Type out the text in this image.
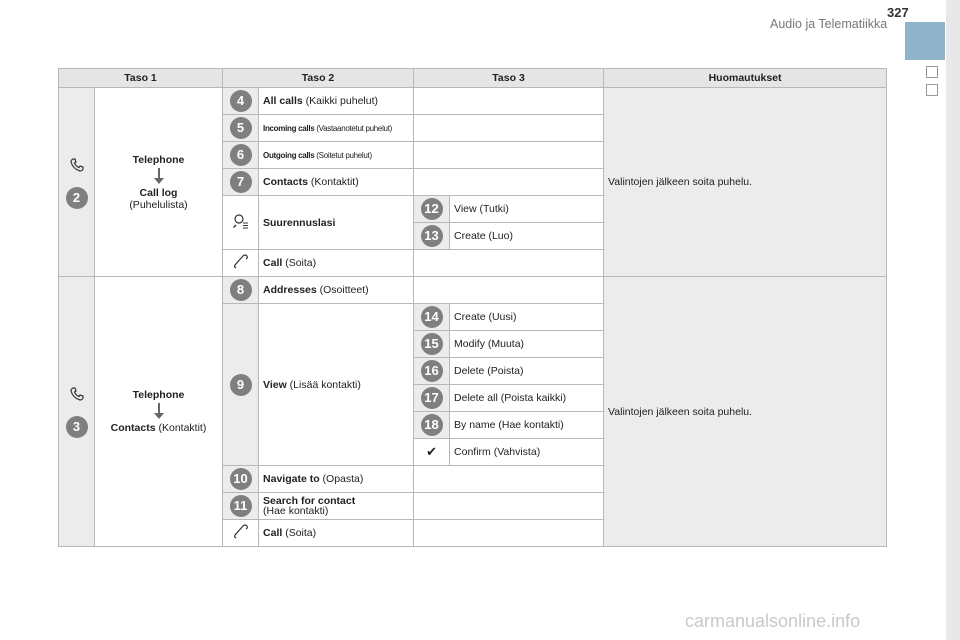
327
Audio ja Telematiikka
Taso 1		Taso 2		Taso 3		Huomautukset

2	Telephone
Call log
(Puhelulista)	4	All calls (Kaikki puhelut)			Valintojen jälkeen soita puhelu.
		5	Incoming calls (Vastaanotetut puhelut)			
		6	Outgoing calls (Soitetut puhelut)			
		7	Contacts (Kontaktit)			
	Suurennuslasi	12	View (Tutki)	
				13	Create (Luo)	
	Call (Soita)			

3	Telephone
Contacts (Kontaktit)	8	Addresses (Osoitteet)			Valintojen jälkeen soita puhelu.
		9	View (Lisää kontakti)	14	Create (Uusi)	
				15	Modify (Muuta)	
				16	Delete (Poista)	
				17	Delete all (Poista kaikki)	
				18	By name (Hae kontakti)	
				✔	Confirm (Vahvista)	
		10	Navigate to (Opasta)			
		11	Search for contact
(Hae kontakti)			
	Call (Soita)			
carmanualsonline.info
